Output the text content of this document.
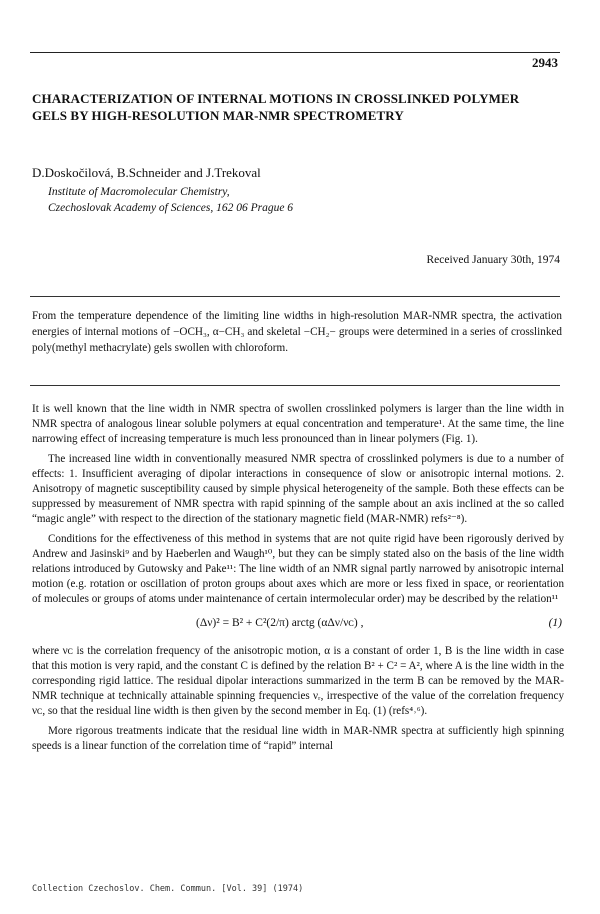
2943
CHARACTERIZATION OF INTERNAL MOTIONS IN CROSSLINKED POLYMER GELS BY HIGH-RESOLUTION MAR-NMR SPECTROMETRY
D.Doskočilová, B.Schneider and J.Trekoval
Institute of Macromolecular Chemistry,
Czechoslovak Academy of Sciences, 162 06 Prague 6
Received January 30th, 1974
From the temperature dependence of the limiting line widths in high-resolution MAR-NMR spectra, the activation energies of internal motions of −OCH₃, α−CH₃ and skeletal −CH₂− groups were determined in a series of crosslinked poly(methyl methacrylate) gels swollen with chloroform.

It is well known that the line width in NMR spectra of swollen crosslinked polymers is larger than the line width in NMR spectra of analogous linear soluble polymers at equal concentration and temperature¹. At the same time, the line narrowing effect of increasing temperature is much less pronounced than in linear polymers (Fig. 1).

The increased line width in conventionally measured NMR spectra of crosslinked polymers is due to a number of effects: 1. Insufficient averaging of dipolar interactions in consequence of slow or anisotropic internal motions. 2. Anisotropy of magnetic susceptibility caused by simple physical heterogeneity of the sample. Both these effects can be suppressed by measurement of NMR spectra with rapid spinning of the sample about an axis inclined at the so called “magic angle” with respect to the direction of the stationary magnetic field (MAR-NMR) refs²⁻⁸).

Conditions for the effectiveness of this method in systems that are not quite rigid have been rigorously derived by Andrew and Jasinski⁹ and by Haeberlen and Waugh¹⁰, but they can be simply stated also on the basis of the line width relations introduced by Gutowsky and Pake¹¹: The line width of an NMR signal partly narrowed by anisotropic internal motion (e.g. rotation or oscillation of proton groups about axes which are more or less fixed in space, or reorientation of molecules or groups of atoms under maintenance of certain intermolecular order) may be described by the relation¹¹

(Δν)² = B² + C²(2/π) arctg (αΔν/νᴄ) ,	(1)

where νᴄ is the correlation frequency of the anisotropic motion, α is a constant of order 1, B is the line width in case that this motion is very rapid, and the constant C is defined by the relation B² + C² = A², where A is the line width in the corresponding rigid lattice. The residual dipolar interactions summarized in the term B can be removed by the MAR-NMR technique at technically attainable spinning frequencies νᵣ, irrespective of the value of the correlation frequency νᴄ, so that the residual line width is then given by the second member in Eq. (1) (refs⁴˒⁶).

More rigorous treatments indicate that the residual line width in MAR-NMR spectra at sufficiently high spinning speeds is a linear function of the correlation time of “rapid” internal

Collection Czechoslov. Chem. Commun. [Vol. 39] (1974)
